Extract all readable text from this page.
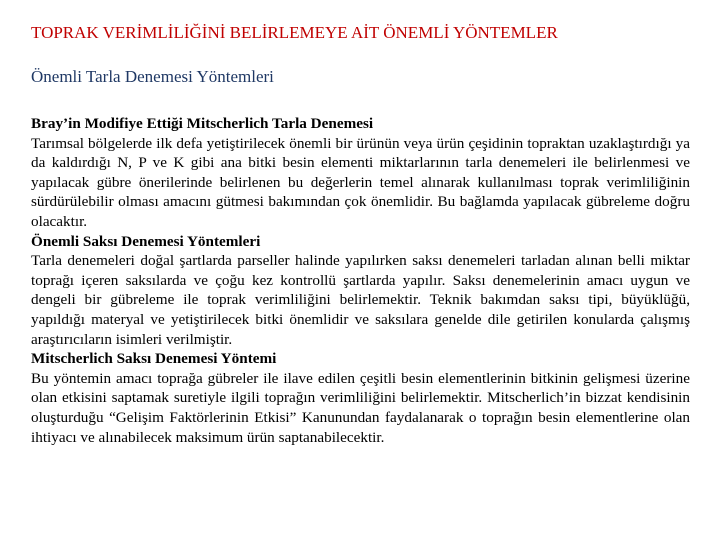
TOPRAK VERİMLİLİĞİNİ BELİRLEMEYE AİT ÖNEMLİ YÖNTEMLER
Önemli Tarla Denemesi Yöntemleri
Bray’in Modifiye Ettiği Mitscherlich Tarla Denemesi

Tarımsal bölgelerde ilk defa yetiştirilecek önemli bir ürünün veya ürün çeşidinin topraktan uzaklaştırdığı ya da kaldırdığı N, P ve K gibi ana bitki besin elementi miktarlarının tarla denemeleri ile belirlenmesi ve yapılacak gübre önerilerinde belirlenen bu değerlerin temel alınarak kullanılması toprak verimliliğinin sürdürülebilir olması amacını gütmesi bakımından çok önemlidir. Bu bağlamda yapılacak gübreleme doğru olacaktır.

Önemli Saksı Denemesi Yöntemleri

Tarla denemeleri doğal şartlarda parseller halinde yapılırken saksı denemeleri tarladan alınan belli miktar toprağı içeren saksılarda ve çoğu kez kontrollü şartlarda yapılır. Saksı denemelerinin amacı uygun ve dengeli bir gübreleme ile toprak verimliliğini belirlemektir. Teknik bakımdan saksı tipi, büyüklüğü, yapıldığı materyal ve yetiştirilecek bitki önemlidir ve saksılara genelde dile getirilen konularda çalışmış araştırıcıların isimleri verilmiştir.

Mitscherlich Saksı Denemesi Yöntemi

Bu yöntemin amacı toprağa gübreler ile ilave edilen çeşitli besin elementlerinin bitkinin gelişmesi üzerine olan etkisini saptamak suretiyle ilgili toprağın verimliliğini belirlemektir. Mitscherlich’in bizzat kendisinin oluşturduğu “Gelişim Faktörlerinin Etkisi” Kanunundan faydalanarak o toprağın besin elementlerine olan ihtiyacı ve alınabilecek maksimum ürün saptanabilecektir.
